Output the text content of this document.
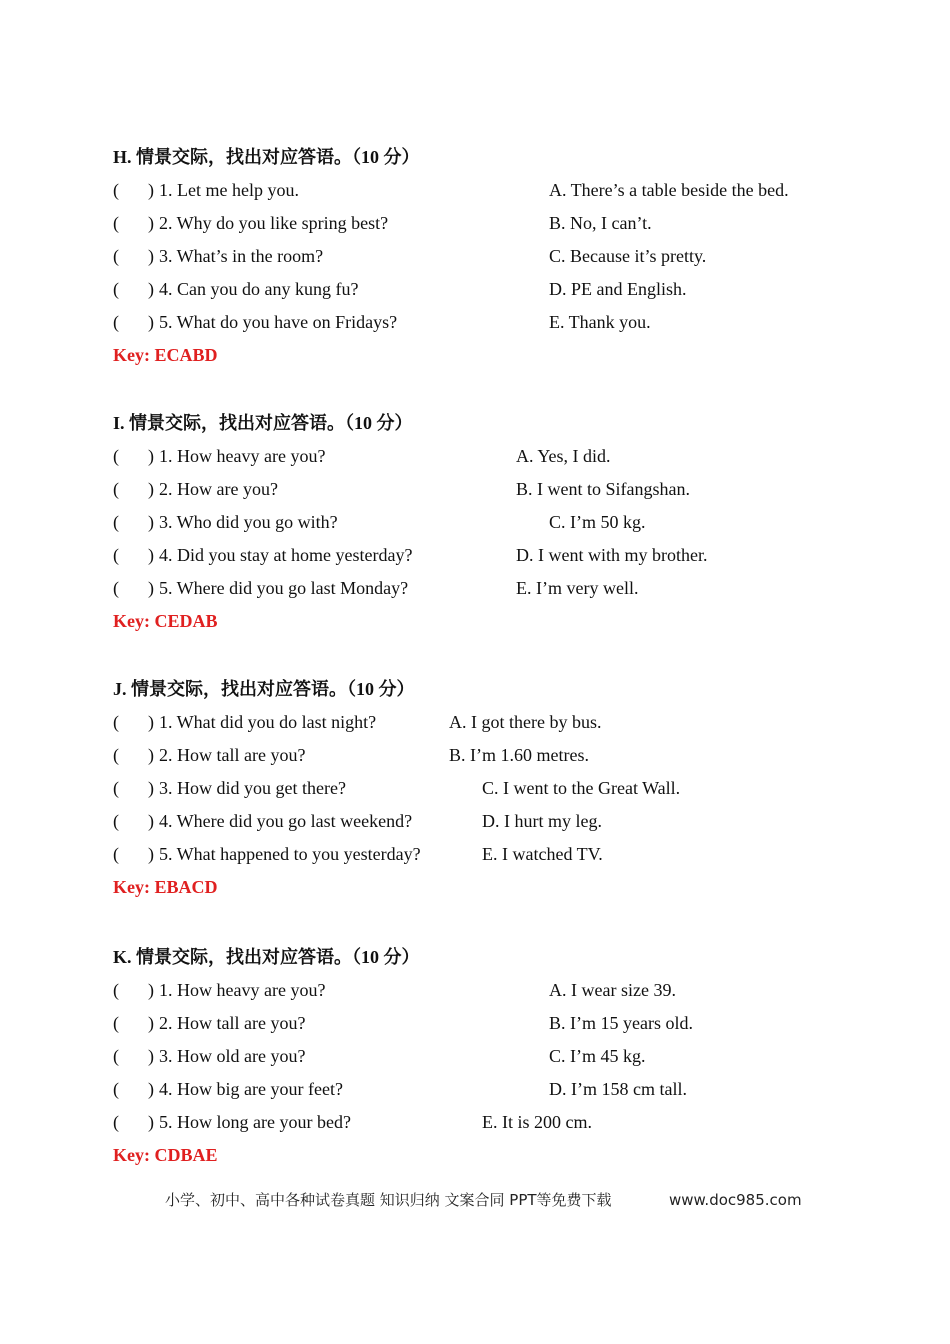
H. 情景交际，找出对应答语。（10 分）
( ) 1. Let me help you.	A. There’s a table beside the bed.
( ) 2. Why do you like spring best?	B. No, I can’t.
( ) 3. What’s in the room?	C. Because it’s pretty.
( ) 4. Can you do any kung fu?	D. PE and English.
( ) 5. What do you have on Fridays?	E. Thank you.
Key: ECABD
I. 情景交际，找出对应答语。（10 分）
( ) 1. How heavy are you?	A. Yes, I did.
( ) 2. How are you?	B. I went to Sifangshan.
( ) 3. Who did you go with?	C. I’m 50 kg.
( ) 4. Did you stay at home yesterday?	D. I went with my brother.
( ) 5. Where did you go last Monday?	E. I’m very well.
Key: CEDAB
J. 情景交际，找出对应答语。（10 分）
( ) 1. What did you do last night?	A. I got there by bus.
( ) 2. How tall are you?	B. I’m 1.60 metres.
( ) 3. How did you get there?	C. I went to the Great Wall.
( ) 4. Where did you go last weekend?	D. I hurt my leg.
( ) 5. What happened to you yesterday?	E. I watched TV.
Key: EBACD
K. 情景交际，找出对应答语。（10 分）
( ) 1. How heavy are you?	A. I wear size 39.
( ) 2. How tall are you?	B. I’m 15 years old.
( ) 3. How old are you?	C. I’m 45 kg.
( ) 4. How big are your feet?	D. I’m 158 cm tall.
( ) 5. How long are your bed?	E. It is 200 cm.
Key: CDBAE
小学、初中、高中各种试卷真题 知识归纳 文案合同 PPT等免费下载	www.doc985.com
